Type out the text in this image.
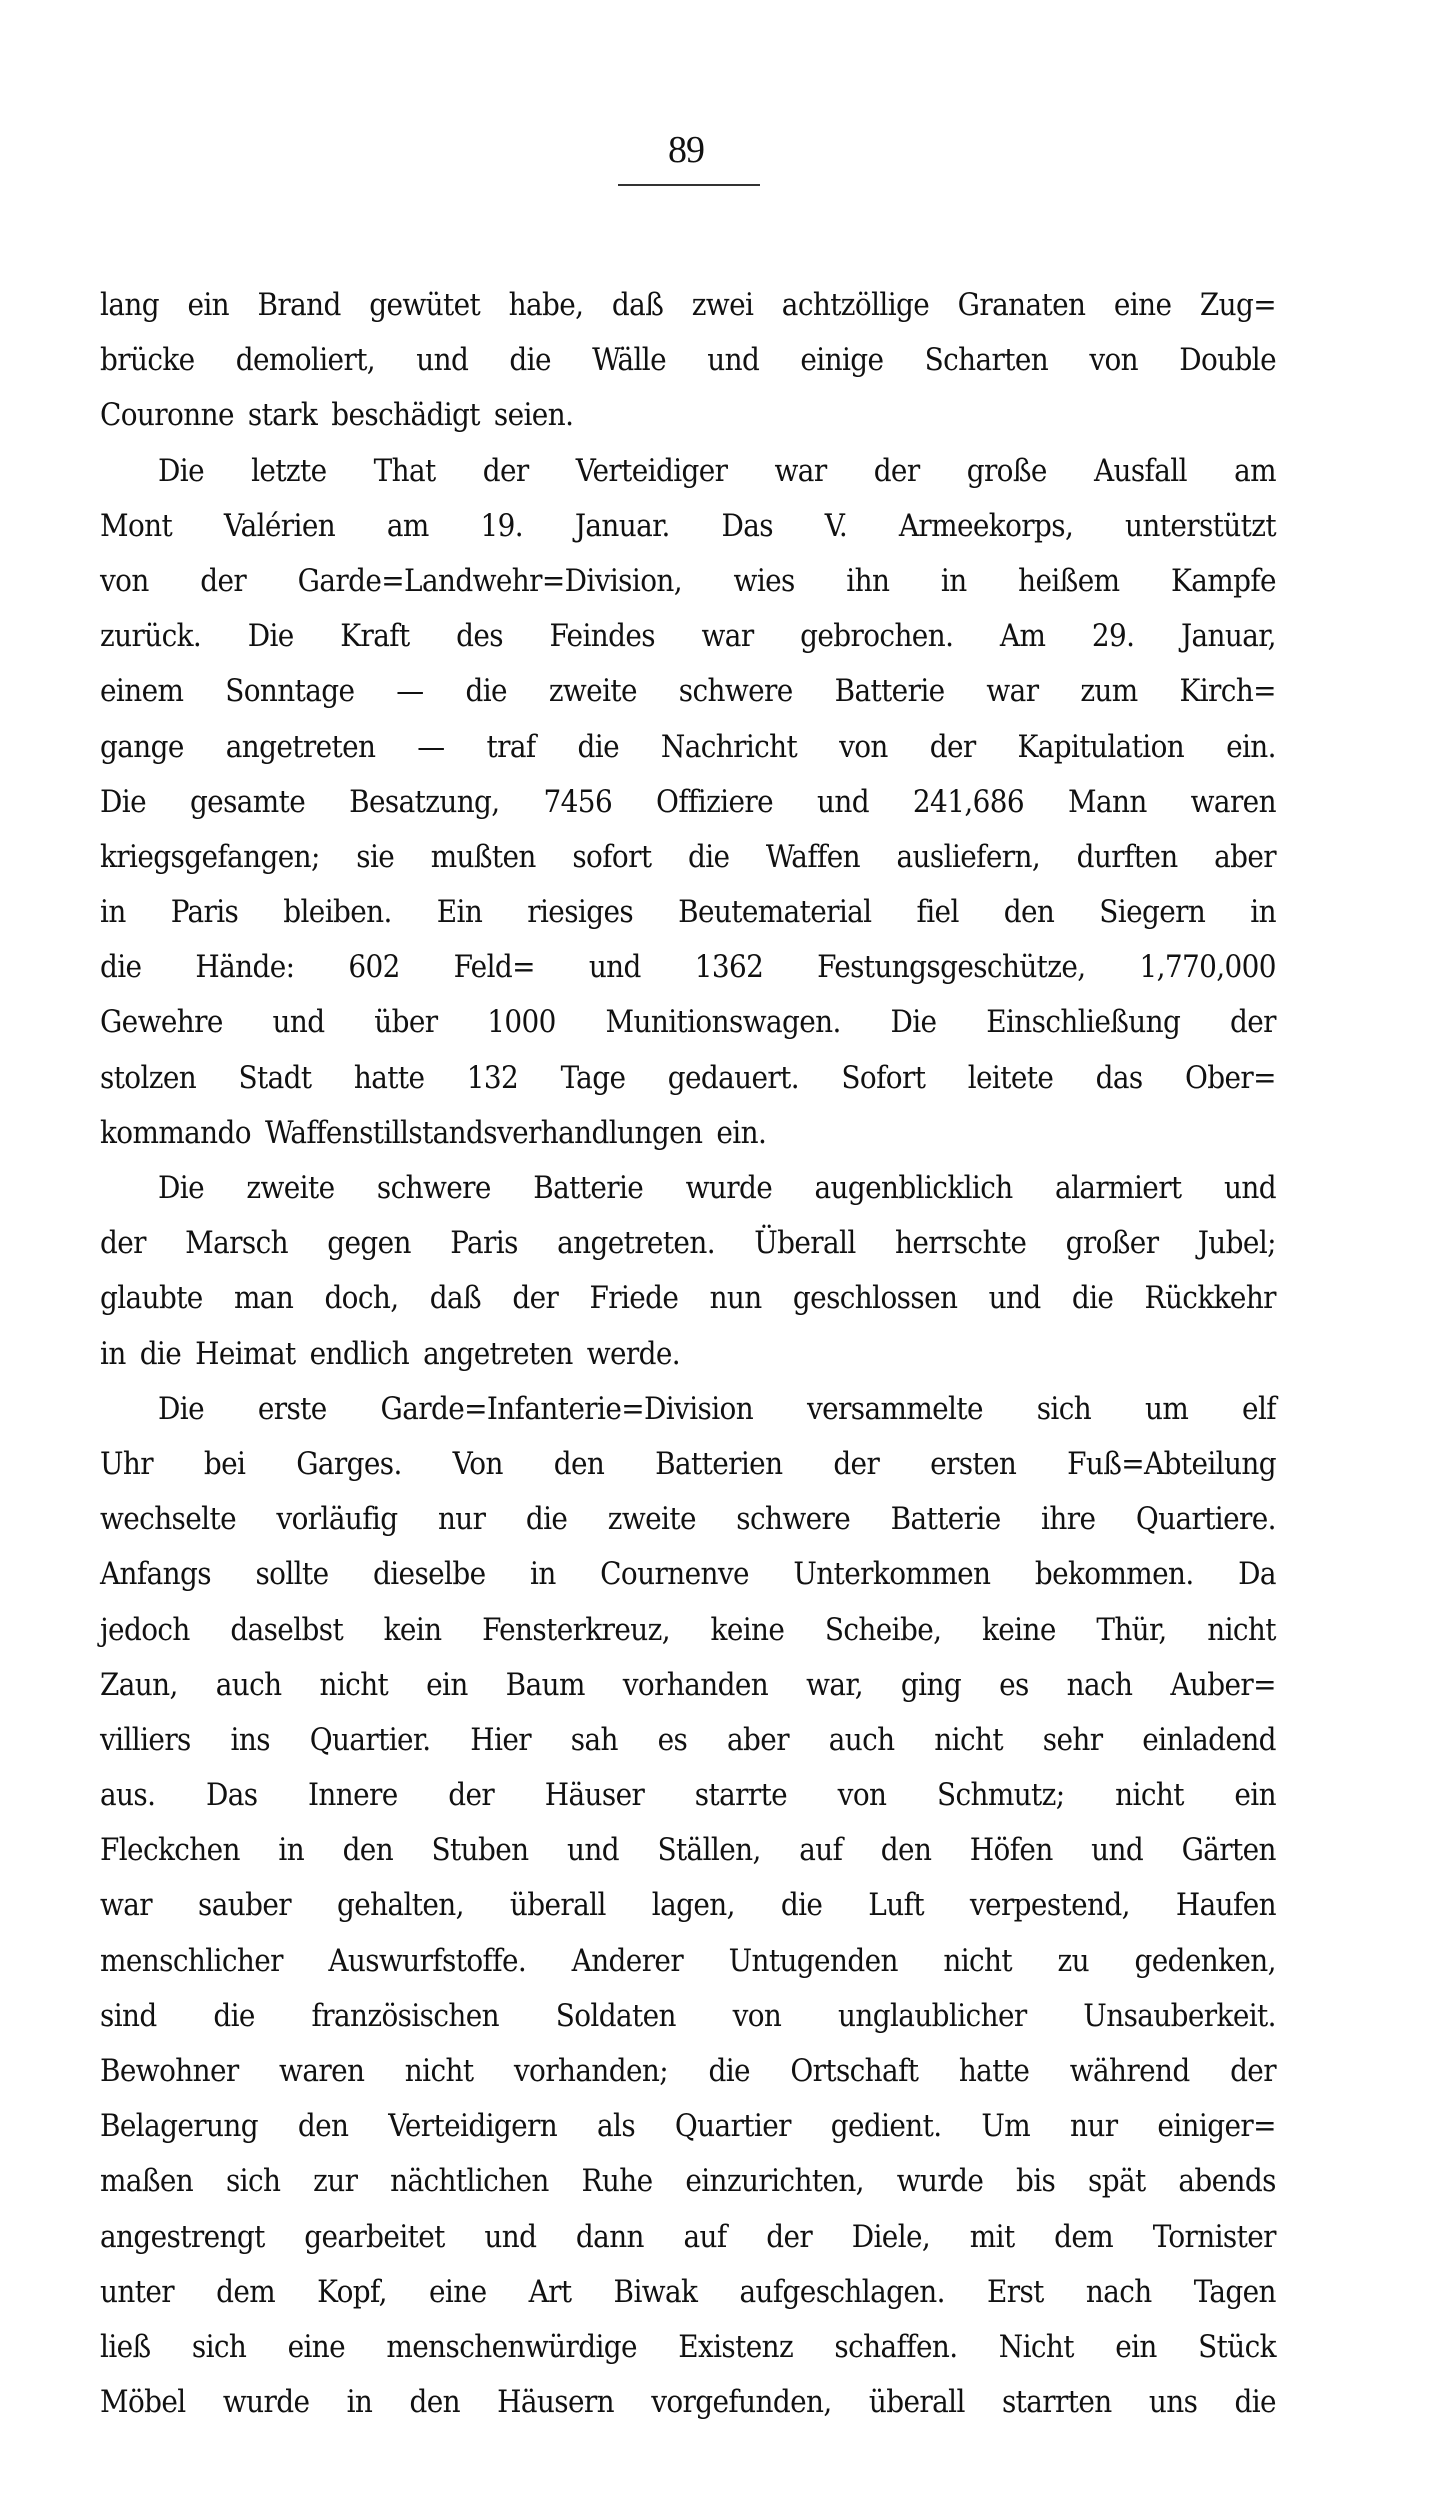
89
lang ein Brand gewütet habe, daß zwei achtzöllige Granaten eine Zug=
brücke demoliert, und die Wälle und einige Scharten von Double
Couronne stark beschädigt seien.
Die letzte That der Verteidiger war der große Ausfall am
Mont Valérien am 19. Januar. Das V. Armeekorps, unterstützt
von der Garde=Landwehr=Division, wies ihn in heißem Kampfe
zurück. Die Kraft des Feindes war gebrochen. Am 29. Januar,
einem Sonntage — die zweite schwere Batterie war zum Kirch=
gange angetreten — traf die Nachricht von der Kapitulation ein.
Die gesamte Besatzung, 7456 Offiziere und 241,686 Mann waren
kriegsgefangen; sie mußten sofort die Waffen ausliefern, durften aber
in Paris bleiben. Ein riesiges Beutematerial fiel den Siegern in
die Hände: 602 Feld= und 1362 Festungsgeschütze, 1,770,000
Gewehre und über 1000 Munitionswagen. Die Einschließung der
stolzen Stadt hatte 132 Tage gedauert. Sofort leitete das Ober=
kommando Waffenstillstandsverhandlungen ein.
Die zweite schwere Batterie wurde augenblicklich alarmiert und
der Marsch gegen Paris angetreten. Überall herrschte großer Jubel;
glaubte man doch, daß der Friede nun geschlossen und die Rückkehr
in die Heimat endlich angetreten werde.
Die erste Garde=Infanterie=Division versammelte sich um elf
Uhr bei Garges. Von den Batterien der ersten Fuß=Abteilung
wechselte vorläufig nur die zweite schwere Batterie ihre Quartiere.
Anfangs sollte dieselbe in Cournenve Unterkommen bekommen. Da
jedoch daselbst kein Fensterkreuz, keine Scheibe, keine Thür, nicht
Zaun, auch nicht ein Baum vorhanden war, ging es nach Auber=
villiers ins Quartier. Hier sah es aber auch nicht sehr einladend
aus. Das Innere der Häuser starrte von Schmutz; nicht ein
Fleckchen in den Stuben und Ställen, auf den Höfen und Gärten
war sauber gehalten, überall lagen, die Luft verpestend, Haufen
menschlicher Auswurfstoffe. Anderer Untugenden nicht zu gedenken,
sind die französischen Soldaten von unglaublicher Unsauberkeit.
Bewohner waren nicht vorhanden; die Ortschaft hatte während der
Belagerung den Verteidigern als Quartier gedient. Um nur einiger=
maßen sich zur nächtlichen Ruhe einzurichten, wurde bis spät abends
angestrengt gearbeitet und dann auf der Diele, mit dem Tornister
unter dem Kopf, eine Art Biwak aufgeschlagen. Erst nach Tagen
ließ sich eine menschenwürdige Existenz schaffen. Nicht ein Stück
Möbel wurde in den Häusern vorgefunden, überall starrten uns die
